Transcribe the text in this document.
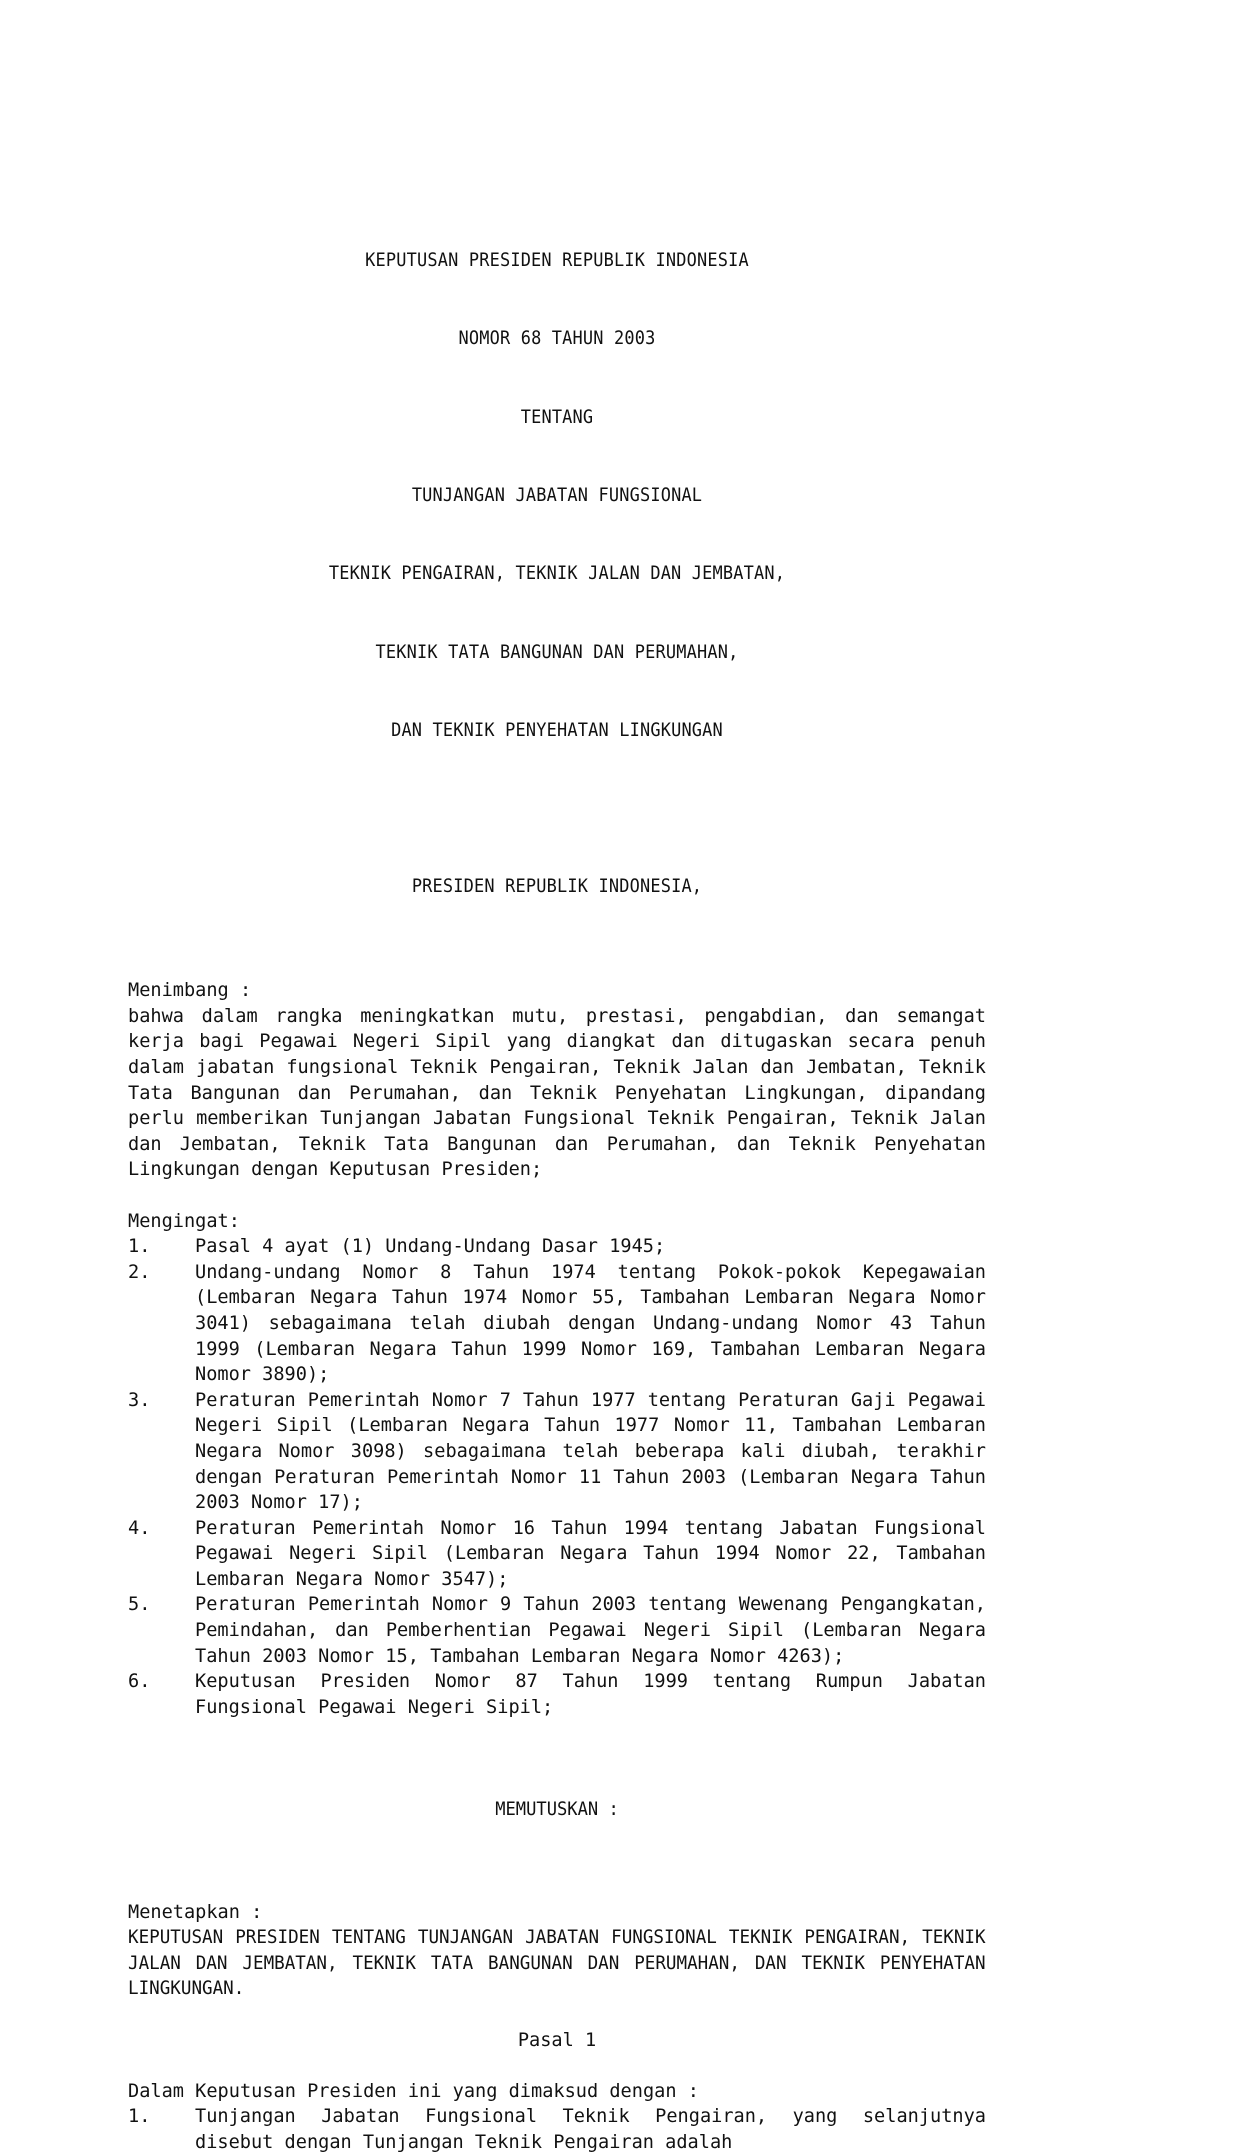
KEPUTUSAN PRESIDEN REPUBLIK INDONESIA

NOMOR 68 TAHUN 2003

TENTANG

TUNJANGAN JABATAN FUNGSIONAL

TEKNIK PENGAIRAN, TEKNIK JALAN DAN JEMBATAN,

TEKNIK TATA BANGUNAN DAN PERUMAHAN,

DAN TEKNIK PENYEHATAN LINGKUNGAN

PRESIDEN REPUBLIK INDONESIA,

Menimbang :
bahwa dalam rangka meningkatkan mutu, prestasi, pengabdian, dan semangat kerja bagi Pegawai Negeri Sipil yang diangkat dan ditugaskan secara penuh dalam jabatan fungsional Teknik Pengairan, Teknik Jalan dan Jembatan, Teknik Tata Bangunan dan Perumahan, dan Teknik Penyehatan Lingkungan, dipandang perlu memberikan Tunjangan Jabatan Fungsional Teknik Pengairan, Teknik Jalan dan Jembatan, Teknik Tata Bangunan dan Perumahan, dan Teknik Penyehatan Lingkungan dengan Keputusan Presiden;
Mengingat:
1.	Pasal 4 ayat (1) Undang-Undang Dasar 1945;
2.	Undang-undang Nomor 8 Tahun 1974 tentang Pokok-pokok Kepegawaian (Lembaran Negara Tahun 1974 Nomor 55, Tambahan Lembaran Negara Nomor 3041) sebagaimana telah diubah dengan Undang-undang Nomor 43 Tahun 1999 (Lembaran Negara Tahun 1999 Nomor 169, Tambahan Lembaran Negara Nomor 3890);
3.	Peraturan Pemerintah Nomor 7 Tahun 1977 tentang Peraturan Gaji Pegawai Negeri Sipil (Lembaran Negara Tahun 1977 Nomor 11, Tambahan Lembaran Negara Nomor 3098) sebagaimana telah beberapa kali diubah, terakhir dengan Peraturan Pemerintah Nomor 11 Tahun 2003 (Lembaran Negara Tahun 2003 Nomor 17);
4.	Peraturan Pemerintah Nomor 16 Tahun 1994 tentang Jabatan Fungsional Pegawai Negeri Sipil (Lembaran Negara Tahun 1994 Nomor 22, Tambahan Lembaran Negara Nomor 3547);
5.	Peraturan Pemerintah Nomor 9 Tahun 2003 tentang Wewenang Pengangkatan, Pemindahan, dan Pemberhentian Pegawai Negeri Sipil (Lembaran Negara Tahun 2003 Nomor 15, Tambahan Lembaran Negara Nomor 4263);
6.	Keputusan Presiden Nomor 87 Tahun 1999 tentang Rumpun Jabatan Fungsional Pegawai Negeri Sipil;

MEMUTUSKAN :

Menetapkan :
KEPUTUSAN PRESIDEN TENTANG TUNJANGAN JABATAN FUNGSIONAL TEKNIK PENGAIRAN, TEKNIK JALAN DAN JEMBATAN, TEKNIK TATA BANGUNAN DAN PERUMAHAN, DAN TEKNIK PENYEHATAN LINGKUNGAN.
Pasal 1
Dalam Keputusan Presiden ini yang dimaksud dengan :
1.	Tunjangan Jabatan Fungsional Teknik Pengairan, yang selanjutnya disebut dengan Tunjangan Teknik Pengairan adalah
